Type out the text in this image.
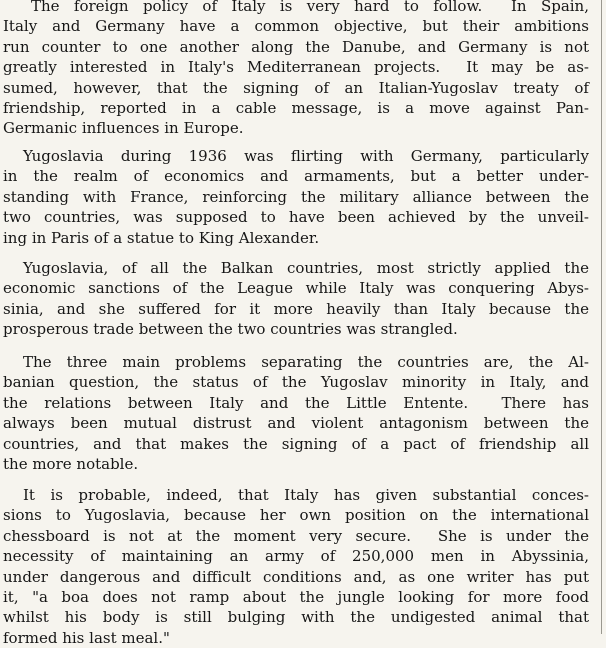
The foreign policy of Italy is very hard to follow.  In Spain,
Italy and Germany have a common objective, but their ambitions
run counter to one another along the Danube, and Germany is not
greatly interested in Italy's Mediterranean projects.  It may be as-
sumed, however, that the signing of an Italian-Yugoslav treaty of
friendship, reported in a cable message, is a move against Pan-
Germanic influences in Europe.
Yugoslavia during 1936 was flirting with Germany, particularly
in the realm of economics and armaments, but a better under-
standing with France, reinforcing the military alliance between the
two countries, was supposed to have been achieved by the unveil-
ing in Paris of a statue to King Alexander.
Yugoslavia, of all the Balkan countries, most strictly applied the
economic sanctions of the League while Italy was conquering Abys-
sinia, and she suffered for it more heavily than Italy because the
prosperous trade between the two countries was strangled.
The three main problems separating the countries are, the Al-
banian question, the status of the Yugoslav minority in Italy, and
the relations between Italy and the Little Entente.  There has
always been mutual distrust and violent antagonism between the
countries, and that makes the signing of a pact of friendship all
the more notable.
It is probable, indeed, that Italy has given substantial conces-
sions to Yugoslavia, because her own position on the international
chessboard is not at the moment very secure.  She is under the
necessity of maintaining an army of 250,000 men in Abyssinia,
under dangerous and difficult conditions and, as one writer has put
it, "a boa does not ramp about the jungle looking for more food
whilst his body is still bulging with the undigested animal that
formed his last meal."
